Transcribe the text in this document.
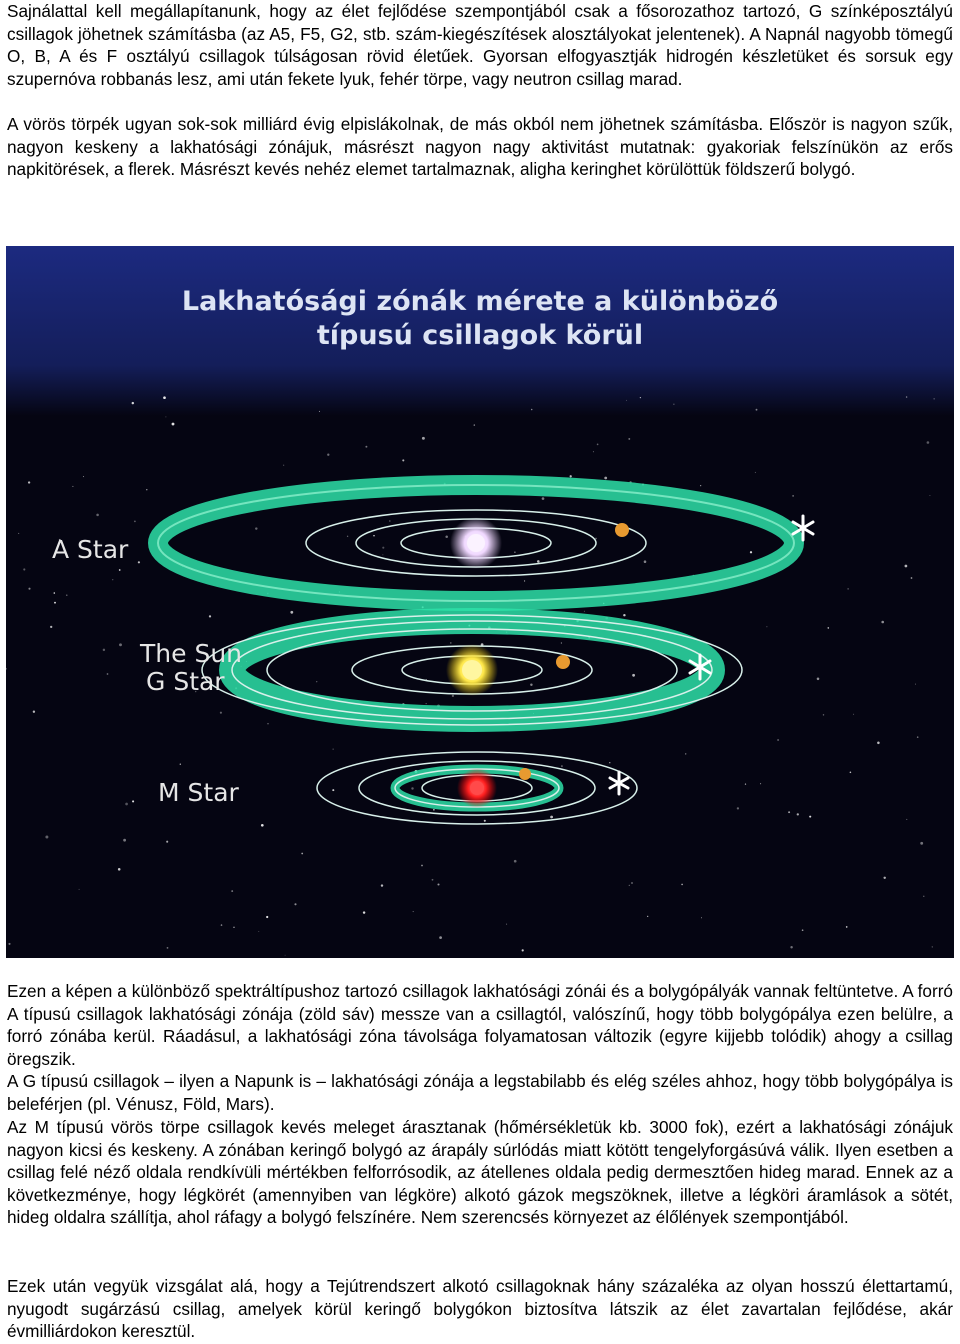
Sajnálattal kell megállapítanunk, hogy az élet fejlődése szempontjából csak a fősorozathoz tartozó, G színképosztályú csillagok jöhetnek számításba (az A5, F5, G2, stb. szám-kiegészítések alosztályokat jelentenek). A Napnál nagyobb tömegű O, B, A és F osztályú csillagok túlságosan rövid életűek. Gyorsan elfogyasztják hidrogén készletüket és sorsuk egy szupernóva robbanás lesz, ami után fekete lyuk, fehér törpe, vagy neutron csillag marad.

A vörös törpék ugyan sok-sok milliárd évig elpislákolnak, de más okból nem jöhetnek számításba. Először is nagyon szűk, nagyon keskeny a lakhatósági zónájuk, másrészt nagyon nagy aktivitást mutatnak: gyakoriak felszínükön az erős napkitörések, a flerek. Másrészt kevés nehéz elemet tartalmaznak, aligha keringhet körülöttük földszerű bolygó.

Lakhatósági zónák mérete a különböző
típusú csillagok körül
A Star
The Sun
G Star
M Star

Ezen a képen a különböző spektráltípushoz tartozó csillagok lakhatósági zónái és a bolygópályák vannak feltüntetve. A forró A típusú csillagok lakhatósági zónája (zöld sáv) messze van a csillagtól, valószínű, hogy több bolygópálya ezen belülre, a forró zónába kerül. Ráadásul, a lakhatósági zóna távolsága folyamatosan változik (egyre kijjebb tolódik) ahogy a csillag öregszik.

A G típusú csillagok – ilyen a Napunk is – lakhatósági zónája a legstabilabb és elég széles ahhoz, hogy több bolygópálya is beleférjen (pl. Vénusz, Föld, Mars).

Az M típusú vörös törpe csillagok kevés meleget árasztanak (hőmérsékletük kb. 3000 fok), ezért a lakhatósági zónájuk nagyon kicsi és keskeny. A zónában keringő bolygó az árapály súrlódás miatt kötött tengelyforgásúvá válik. Ilyen esetben a csillag felé néző oldala rendkívüli mértékben felforrósodik, az átellenes oldala pedig dermesztően hideg marad. Ennek az a következménye, hogy légkörét (amennyiben van légköre) alkotó gázok megszöknek, illetve a légköri áramlások a sötét, hideg oldalra szállítja, ahol ráfagy a bolygó felszínére. Nem szerencsés környezet az élőlények szempontjából.

Ezek után vegyük vizsgálat alá, hogy a Tejútrendszert alkotó csillagoknak hány százaléka az olyan hosszú élettartamú, nyugodt sugárzású csillag, amelyek körül keringő bolygókon biztosítva látszik az élet zavartalan fejlődése, akár évmilliárdokon keresztül.
